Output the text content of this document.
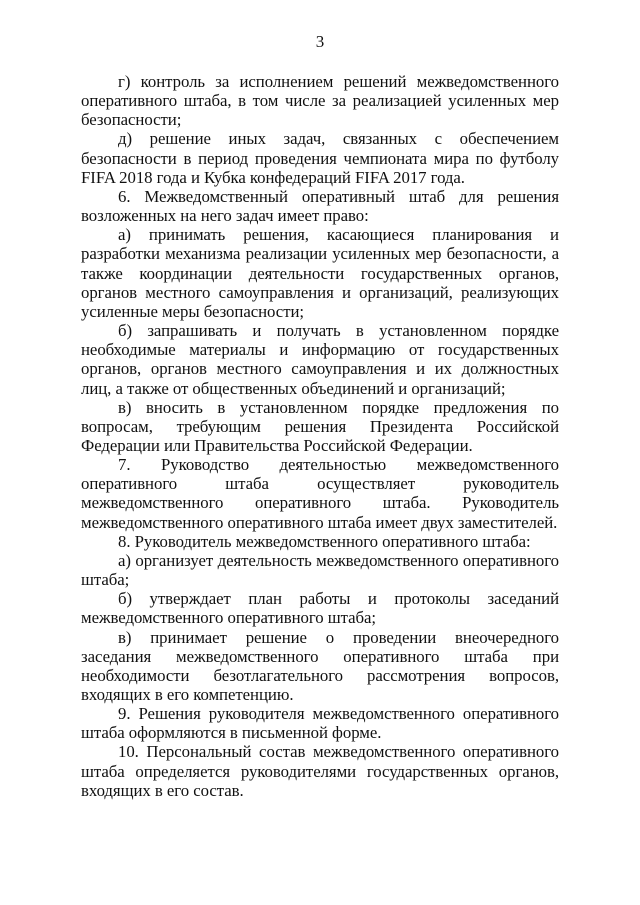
3

г) контроль за исполнением решений межведомственного оперативного штаба, в том числе за реализацией усиленных мер безопасности;

д) решение иных задач, связанных с обеспечением безопасности в период проведения чемпионата мира по футболу FIFA 2018 года и Кубка конфедераций FIFA 2017 года.

6. Межведомственный оперативный штаб для решения возложенных на него задач имеет право:

а) принимать решения, касающиеся планирования и разработки механизма реализации усиленных мер безопасности, а также координации деятельности государственных органов, органов местного самоуправления и организаций, реализующих усиленные меры безопасности;

б) запрашивать и получать в установленном порядке необходимые материалы и информацию от государственных органов, органов местного самоуправления и их должностных лиц, а также от общественных объединений и организаций;

в) вносить в установленном порядке предложения по вопросам, требующим решения Президента Российской Федерации или Правительства Российской Федерации.

7. Руководство деятельностью межведомственного оперативного штаба осуществляет руководитель межведомственного оперативного штаба. Руководитель межведомственного оперативного штаба имеет двух заместителей.

8. Руководитель межведомственного оперативного штаба:

а) организует деятельность межведомственного оперативного штаба;

б) утверждает план работы и протоколы заседаний межведомственного оперативного штаба;

в) принимает решение о проведении внеочередного заседания межведомственного оперативного штаба при необходимости безотлагательного рассмотрения вопросов, входящих в его компетенцию.

9. Решения руководителя межведомственного оперативного штаба оформляются в письменной форме.

10. Персональный состав межведомственного оперативного штаба определяется руководителями государственных органов, входящих в его состав.
